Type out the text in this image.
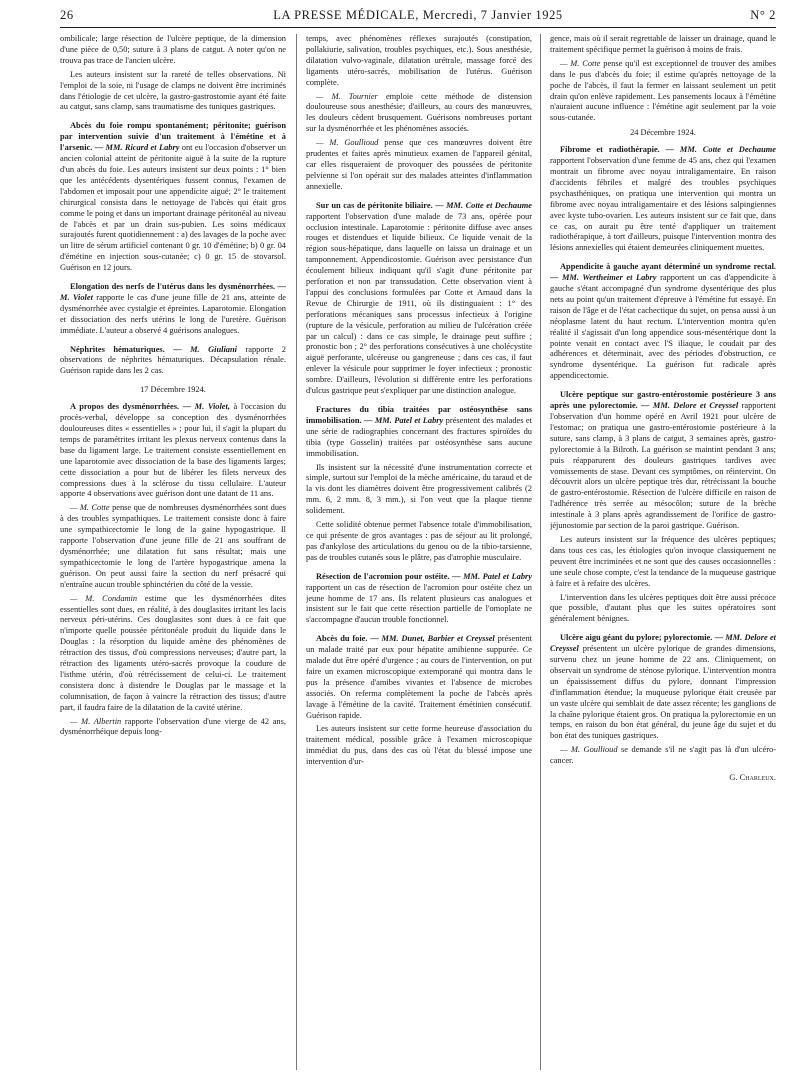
26	LA PRESSE MÉDICALE, Mercredi, 7 Janvier 1925	N° 2

ombilicale; large résection de l'ulcère peptique, de la dimension d'une pièce de 0,50; suture à 3 plans de catgut. A noter qu'on ne trouva pas trace de l'ancien ulcère.

Les auteurs insistent sur la rareté de telles observations. Ni l'emploi de la soie, ni l'usage de clamps ne doivent être incriminés dans l'étiologie de cet ulcère, la gastro-gastrostomie ayant été faite au catgut, sans clamp, sans traumatisme des tuniques gastriques.

Abcès du foie rompu spontanément; péritonite; guérison par intervention suivie d'un traitement à l'émétine et à l'arsenic. — MM. Ricard et Labry ont eu l'occasion d'observer un ancien colonial atteint de péritonite aiguë à la suite de la rupture d'un abcès du foie. Les auteurs insistent sur deux points : 1° bien que les antécédents dysentériques fussent connus, l'examen de l'abdomen et imposait pour une appendicite aiguë; 2° le traitement chirurgical consista dans le nettoyage de l'abcès qui était gros comme le poing et dans un important drainage péritonéal au niveau de l'abcès et par un drain sus-pubien. Les soins médicaux surajoutés furent quotidiennement : a) des lavages de la poche avec un litre de sérum artificiel contenant 0 gr. 10 d'émétine; b) 0 gr. 04 d'émétine en injection sous-cutanée; c) 0 gr. 15 de stovarsol. Guérison en 12 jours.

Elongation des nerfs de l'utérus dans les dysménorrhées. — M. Violet rapporte le cas d'une jeune fille de 21 ans, atteinte de dysménorrhée avec cystalgie et épreintes. Laparotomie. Elongation et dissociation des nerfs utérins le long de l'uretère. Guérison immédiate. L'auteur a observé 4 guérisons analogues.

Néphrites hématuriques. — M. Giuliani rapporte 2 observations de néphrites hématuriques. Décapsulation rénale. Guérison rapide dans les 2 cas.

17 Décembre 1924.

A propos des dysménorrhées. — M. Violet, à l'occasion du procès-verbal, développe sa conception des dysménorrhées douloureuses dites « essentielles » ; pour lui, il s'agit la plupart du temps de paramétrites irritant les plexus nerveux contenus dans la base du ligament large. Le traitement consiste essentiellement en une laparotomie avec dissociation de la base des ligaments larges; cette dissociation a pour but de libérer les filets nerveux des compressions dues à la sclérose du tissu cellulaire. L'auteur apporte 4 observations avec guérison dont une datant de 11 ans.

— M. Cotte pense que de nombreuses dysménorrhées sont dues à des troubles sympathiques. Le traitement consiste donc à faire une sympathicectomie le long de la gaine hypogastrique. Il rapporte l'observation d'une jeune fille de 21 ans souffrant de dysménorrhée; une dilatation fut sans résultat; mais une sympathicectomie le long de l'artère hypogastrique amena la guérison. On peut aussi faire la section du nerf présacré qui n'entraîne aucun trouble sphinctérien du côté de la vessie.

— M. Condamin estime que les dysménorrhées dites essentielles sont dues, en réalité, à des douglasites irritant les lacis nerveux péri-utérins. Ces douglasites sont dues à ce fait que n'importe quelle poussée péritonéale produit du liquide dans le Douglas : la résorption du liquide amène des phénomènes de rétraction des tissus, d'où compressions nerveuses; d'autre part, la rétraction des ligaments utéro-sacrés provoque la coudure de l'isthme utérin, d'où rétrécissement de celui-ci. Le traitement consistera donc à distendre le Douglas par le massage et la columnisation, de façon à vaincre la rétraction des tissus; d'autre part, il faudra faire de la dilatation de la cavité utérine.

— M. Albertin rapporte l'observation d'une vierge de 42 ans, dysménorrhéique depuis long-

temps, avec phénomènes réflexes surajoutés (constipation, pollakiurie, salivation, troubles psychiques, etc.). Sous anesthésie, dilatation vulvo-vaginale, dilatation urétrale, massage forcé des ligaments utéro-sacrés, mobilisation de l'utérus. Guérison complète.

— M. Tournier emploie cette méthode de distension douloureuse sous anesthésie; d'ailleurs, au cours des manœuvres, les douleurs cèdent brusquement. Guérisons nombreuses portant sur la dysménorrhée et les phénomènes associés.

— M. Goullioud pense que ces manœuvres doivent être prudentes et faites après minutieux examen de l'appareil génital, car elles risqueraient de provoquer des poussées de péritonite pelvienne si l'on opérait sur des malades atteintes d'inflammation annexielle.

Sur un cas de péritonite biliaire. — MM. Cotte et Dechaume rapportent l'observation d'une malade de 73 ans, opérée pour occlusion intestinale. Laparotomie : péritonite diffuse avec anses rouges et distendues et liquide bilieux. Ce liquide venait de la région sous-hépatique, dans laquelle on laissa un drainage et un tamponnement. Appendicostomie. Guérison avec persistance d'un écoulement bilieux indiquant qu'il s'agit d'une péritonite par perforation et non par transsudation. Cette observation vient à l'appui des conclusions formulées par Cotte et Arnaud dans la Revue de Chirurgie de 1911, où ils distinguaient : 1° des perforations mécaniques sans processus infectieux à l'origine (rupture de la vésicule, perforation au milieu de l'ulcération créée par un calcul) : dans ce cas simple, le drainage peut suffire ; pronostic bon ; 2° des perforations consécutives à une cholécystite aiguë perforante, ulcéreuse ou gangreneuse ; dans ces cas, il faut enlever la vésicule pour supprimer le foyer infectieux ; pronostic sombre. D'ailleurs, l'évolution si différente entre les perforations d'ulcus gastrique peut s'expliquer par une distinction analogue.

Fractures du tibia traitées par ostéosynthèse sans immobilisation. — MM. Patel et Labry présentent des malades et une série de radiographies concernant des fractures spiroïdes du tibia (type Gosselin) traitées par ostéosynthèse sans aucune immobilisation.

Ils insistent sur la nécessité d'une instrumentation correcte et simple, surtout sur l'emploi de la mèche américaine, du taraud et de la vis dont les diamètres doivent être progressivement calibrés (2 mm. 6, 2 mm. 8, 3 mm.), si l'on veut que la plaque tienne solidement.

Cette solidité obtenue permet l'absence totale d'immobilisation, ce qui présente de gros avantages : pas de séjour au lit prolongé, pas d'ankylose des articulations du genou ou de la tibio-tarsienne, pas de troubles cutanés sous le plâtre, pas d'atrophie musculaire.

Résection de l'acromion pour ostéite. — MM. Patel et Labry rapportent un cas de résection de l'acromion pour ostéite chez un jeune homme de 17 ans. Ils relatent plusieurs cas analogues et insistent sur le fait que cette résection partielle de l'omoplate ne s'accompagne d'aucun trouble fonctionnel.

Abcès du foie. — MM. Dunet, Barbier et Creyssel présentent un malade traité par eux pour hépatite amibienne suppurée. Ce malade dut être opéré d'urgence ; au cours de l'intervention, on put faire un examen microscopique extemporané qui montra dans le pus la présence d'amibes vivantes et l'absence de microbes associés. On referma complètement la poche de l'abcès après lavage à l'émétine de la cavité. Traitement émétinien consécutif. Guérison rapide.

Les auteurs insistent sur cette forme heureuse d'association du traitement médical, possible grâce à l'examen microscopique immédiat du pus, dans des cas où l'état du blessé impose une intervention d'ur-

gence, mais où il serait regrettable de laisser un drainage, quand le traitement spécifique permet la guérison à moins de frais.

— M. Cotte pense qu'il est exceptionnel de trouver des amibes dans le pus d'abcès du foie; il estime qu'après nettoyage de la poche de l'abcès, il faut la fermer en laissant seulement un petit drain qu'on enlève rapidement. Les pansements locaux à l'émétine n'auraient aucune influence : l'émétine agit seulement par la voie sous-cutanée.

24 Décembre 1924.

Fibrome et radiothérapie. — MM. Cotte et Dechaume rapportent l'observation d'une femme de 45 ans, chez qui l'examen montrait un fibrome avec noyau intraligamentaire. En raison d'accidents fébriles et malgré des troubles psychiques psychasthéniques, on pratiqua une intervention qui montra un fibrome avec noyau intraligamentaire et des lésions salpingiennes avec kyste tubo-ovarien. Les auteurs insistent sur ce fait que, dans ce cas, on aurait pu être tenté d'appliquer un traitement radiothérapique, à tort d'ailleurs, puisque l'intervention montra des lésions annexielles qui étaient demeurées cliniquement muettes.

Appendicite à gauche ayant déterminé un syndrome rectal. — MM. Wertheimer et Labry rapportent un cas d'appendicite à gauche s'étant accompagné d'un syndrome dysentérique des plus nets au point qu'un traitement d'épreuve à l'émétine fut essayé. En raison de l'âge et de l'état cachectique du sujet, on pensa aussi à un néoplasme latent du haut rectum. L'intervention montra qu'en réalité il s'agissait d'un long appendice sous-mésentérique dont la pointe venait en contact avec l'S iliaque, le coudait par des adhérences et déterminait, avec des périodes d'obstruction, ce syndrome dysentérique. La guérison fut radicale après appendicectomie.

Ulcère peptique sur gastro-entérostomie postérieure 3 ans après une pylorectomie. — MM. Delore et Creyssel rapportent l'observation d'un homme opéré en Avril 1921 pour ulcère de l'estomac; on pratiqua une gastro-entérostomie postérieure à la suture, sans clamp, à 3 plans de catgut, 3 semaines après, gastro-pylorectomie à la Bilroth. La guérison se maintint pendant 3 ans; puis réapparurent des douleurs gastriques tardives avec vomissements de stase. Devant ces symptômes, on réintervint. On découvrit alors un ulcère peptique très dur, rétrécissant la bouche de gastro-entérostomie. Résection de l'ulcère difficile en raison de l'adhérence très serrée au mésocôlon; suture de la brèche intestinale à 3 plans après agrandissement de l'orifice de gastro-jéjunostomie par section de la paroi gastrique. Guérison.

Les auteurs insistent sur la fréquence des ulcères peptiques; dans tous ces cas, les étiologies qu'on invoque classiquement ne peuvent être incriminées et ne sont que des causes occasionnelles : une seule chose compte, c'est la tendance de la muqueuse gastrique à faire et à refaire des ulcères.

L'intervention dans les ulcères peptiques doit être aussi précoce que possible, d'autant plus que les suites opératoires sont généralement bénignes.

Ulcère aigu géant du pylore; pylorectomie. — MM. Delore et Creyssel présentent un ulcère pylorique de grandes dimensions, survenu chez un jeune homme de 22 ans. Cliniquement, on observait un syndrome de sténose pylorique. L'intervention montra un épaississement diffus du pylore, donnant l'impression d'inflammation étendue; la muqueuse pylorique était creusée par un vaste ulcère qui semblait de date assez récente; les ganglions de la chaîne pylorique étaient gros. On pratiqua la pylorectomie en un temps, en raison du bon état général, du jeune âge du sujet et du bon état des tuniques gastriques.

— M. Goullioud se demande s'il ne s'agit pas là d'un ulcéro-cancer.

G. Charleux.
